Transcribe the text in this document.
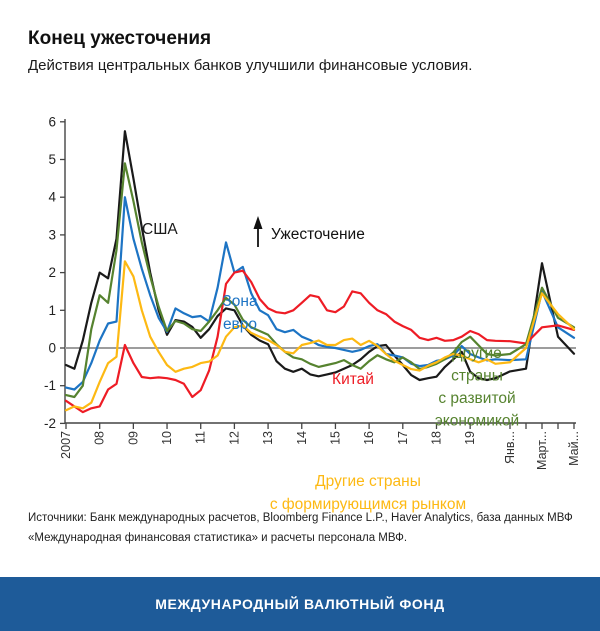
Конец ужесточения

Действия центральных банков улучшили финансовые условия.

6
5
4
3
2
1
0
-1
-2
2007 08 09 10 11 12 13 14 15 16 17 18 19 Янв... Март... Май...
Ужесточение
США
Зона
евро
Китай
Другие
страны
с развитой
экономикой
Другие страны
с формирующимся рынком

Источники: Банк международных расчетов, Bloomberg Finance L.P., Haver Analytics, база данных МВФ
«Международная финансовая статистика» и расчеты персонала МВФ.

МЕЖДУНАРОДНЫЙ ВАЛЮТНЫЙ ФОНД
